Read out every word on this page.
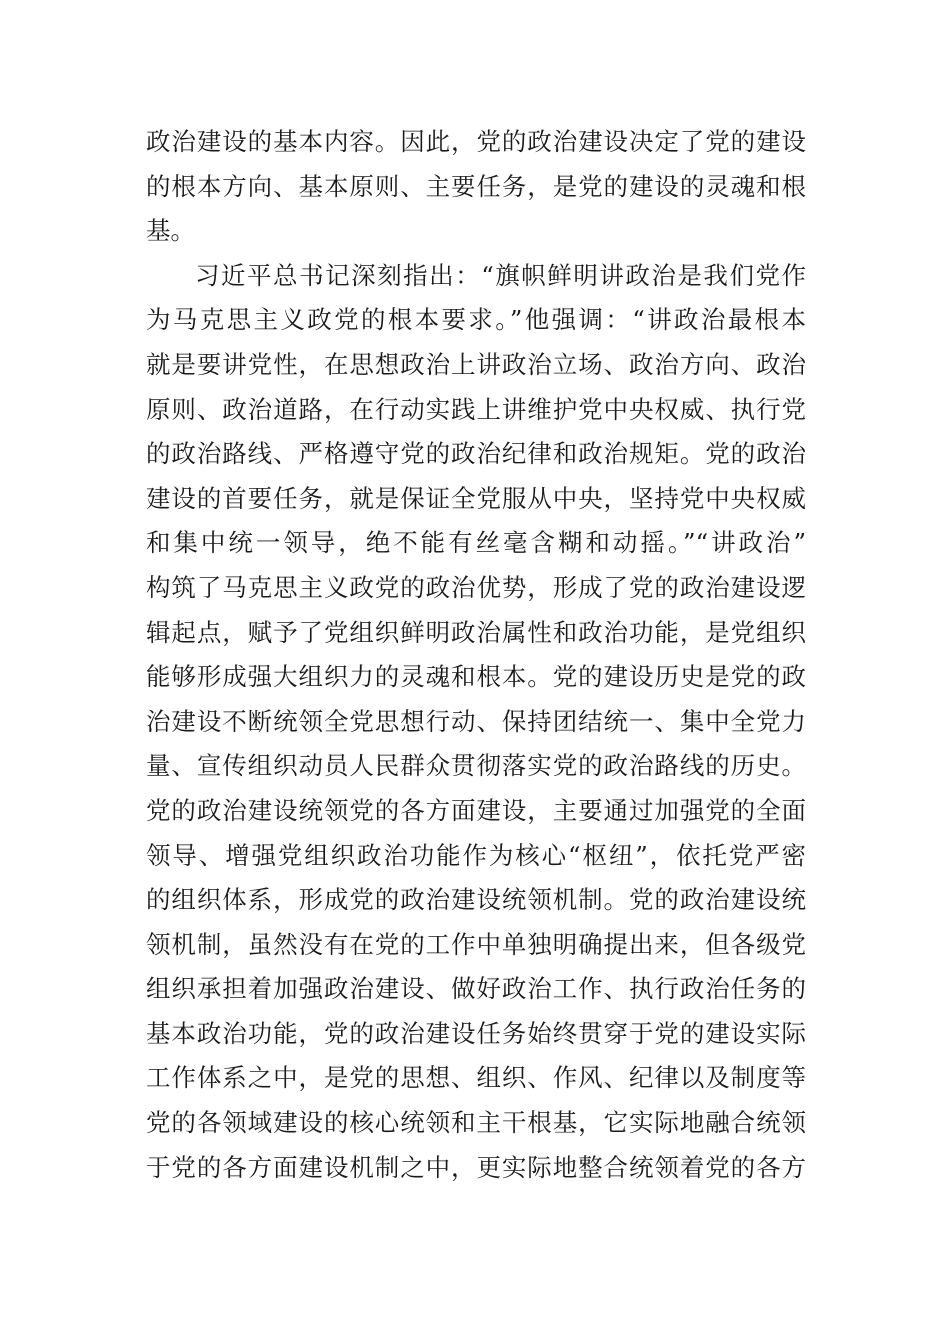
政治建设的基本内容。因此，党的政治建设决定了党的建设
的根本方向、基本原则、主要任务，是党的建设的灵魂和根
基。
习近平总书记深刻指出：“旗帜鲜明讲政治是我们党作
为马克思主义政党的根本要求。”他强调：“讲政治最根本
就是要讲党性，在思想政治上讲政治立场、政治方向、政治
原则、政治道路，在行动实践上讲维护党中央权威、执行党
的政治路线、严格遵守党的政治纪律和政治规矩。党的政治
建设的首要任务，就是保证全党服从中央，坚持党中央权威
和集中统一领导，绝不能有丝毫含糊和动摇。”“讲政治”
构筑了马克思主义政党的政治优势，形成了党的政治建设逻
辑起点，赋予了党组织鲜明政治属性和政治功能，是党组织
能够形成强大组织力的灵魂和根本。党的建设历史是党的政
治建设不断统领全党思想行动、保持团结统一、集中全党力
量、宣传组织动员人民群众贯彻落实党的政治路线的历史。
党的政治建设统领党的各方面建设，主要通过加强党的全面
领导、增强党组织政治功能作为核心“枢纽”，依托党严密
的组织体系，形成党的政治建设统领机制。党的政治建设统
领机制，虽然没有在党的工作中单独明确提出来，但各级党
组织承担着加强政治建设、做好政治工作、执行政治任务的
基本政治功能，党的政治建设任务始终贯穿于党的建设实际
工作体系之中，是党的思想、组织、作风、纪律以及制度等
党的各领域建设的核心统领和主干根基，它实际地融合统领
于党的各方面建设机制之中，更实际地整合统领着党的各方
